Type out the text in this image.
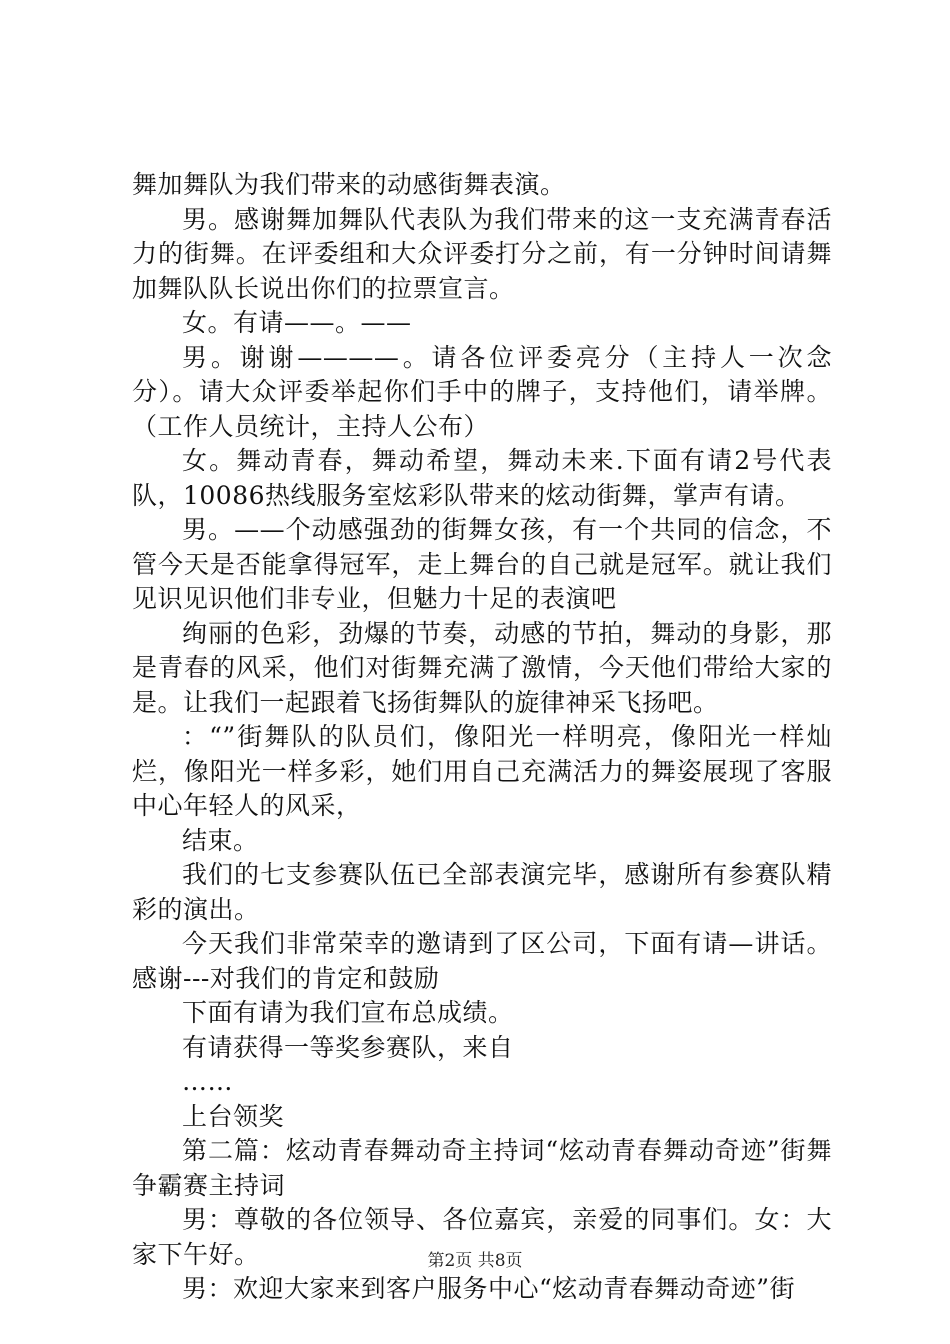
舞加舞队为我们带来的动感街舞表演。

男。感谢舞加舞队代表队为我们带来的这一支充满青春活力的街舞。在评委组和大众评委打分之前，有一分钟时间请舞加舞队队长说出你们的拉票宣言。

女。有请——。——

男。谢谢————。请各位评委亮分（主持人一次念分）。请大众评委举起你们手中的牌子，支持他们，请举牌。（工作人员统计，主持人公布）

女。舞动青春，舞动希望，舞动未来.下面有请2号代表队，10086热线服务室炫彩队带来的炫动街舞，掌声有请。

男。——个动感强劲的街舞女孩，有一个共同的信念，不管今天是否能拿得冠军，走上舞台的自己就是冠军。就让我们见识见识他们非专业，但魅力十足的表演吧

绚丽的色彩，劲爆的节奏，动感的节拍，舞动的身影，那是青春的风采，他们对街舞充满了激情，今天他们带给大家的是。让我们一起跟着飞扬街舞队的旋律神采飞扬吧。

：“”街舞队的队员们，像阳光一样明亮，像阳光一样灿烂，像阳光一样多彩，她们用自己充满活力的舞姿展现了客服中心年轻人的风采，

结束。

我们的七支参赛队伍已全部表演完毕，感谢所有参赛队精彩的演出。

今天我们非常荣幸的邀请到了区公司，下面有请—讲话。感谢---对我们的肯定和鼓励

下面有请为我们宣布总成绩。

有请获得一等奖参赛队，来自

……

上台领奖

第二篇：炫动青春舞动奇主持词“炫动青春舞动奇迹”街舞争霸赛主持词

男：尊敬的各位领导、各位嘉宾，亲爱的同事们。女：大家下午好。

男：欢迎大家来到客户服务中心“炫动青春舞动奇迹”街

第2页 共8页
